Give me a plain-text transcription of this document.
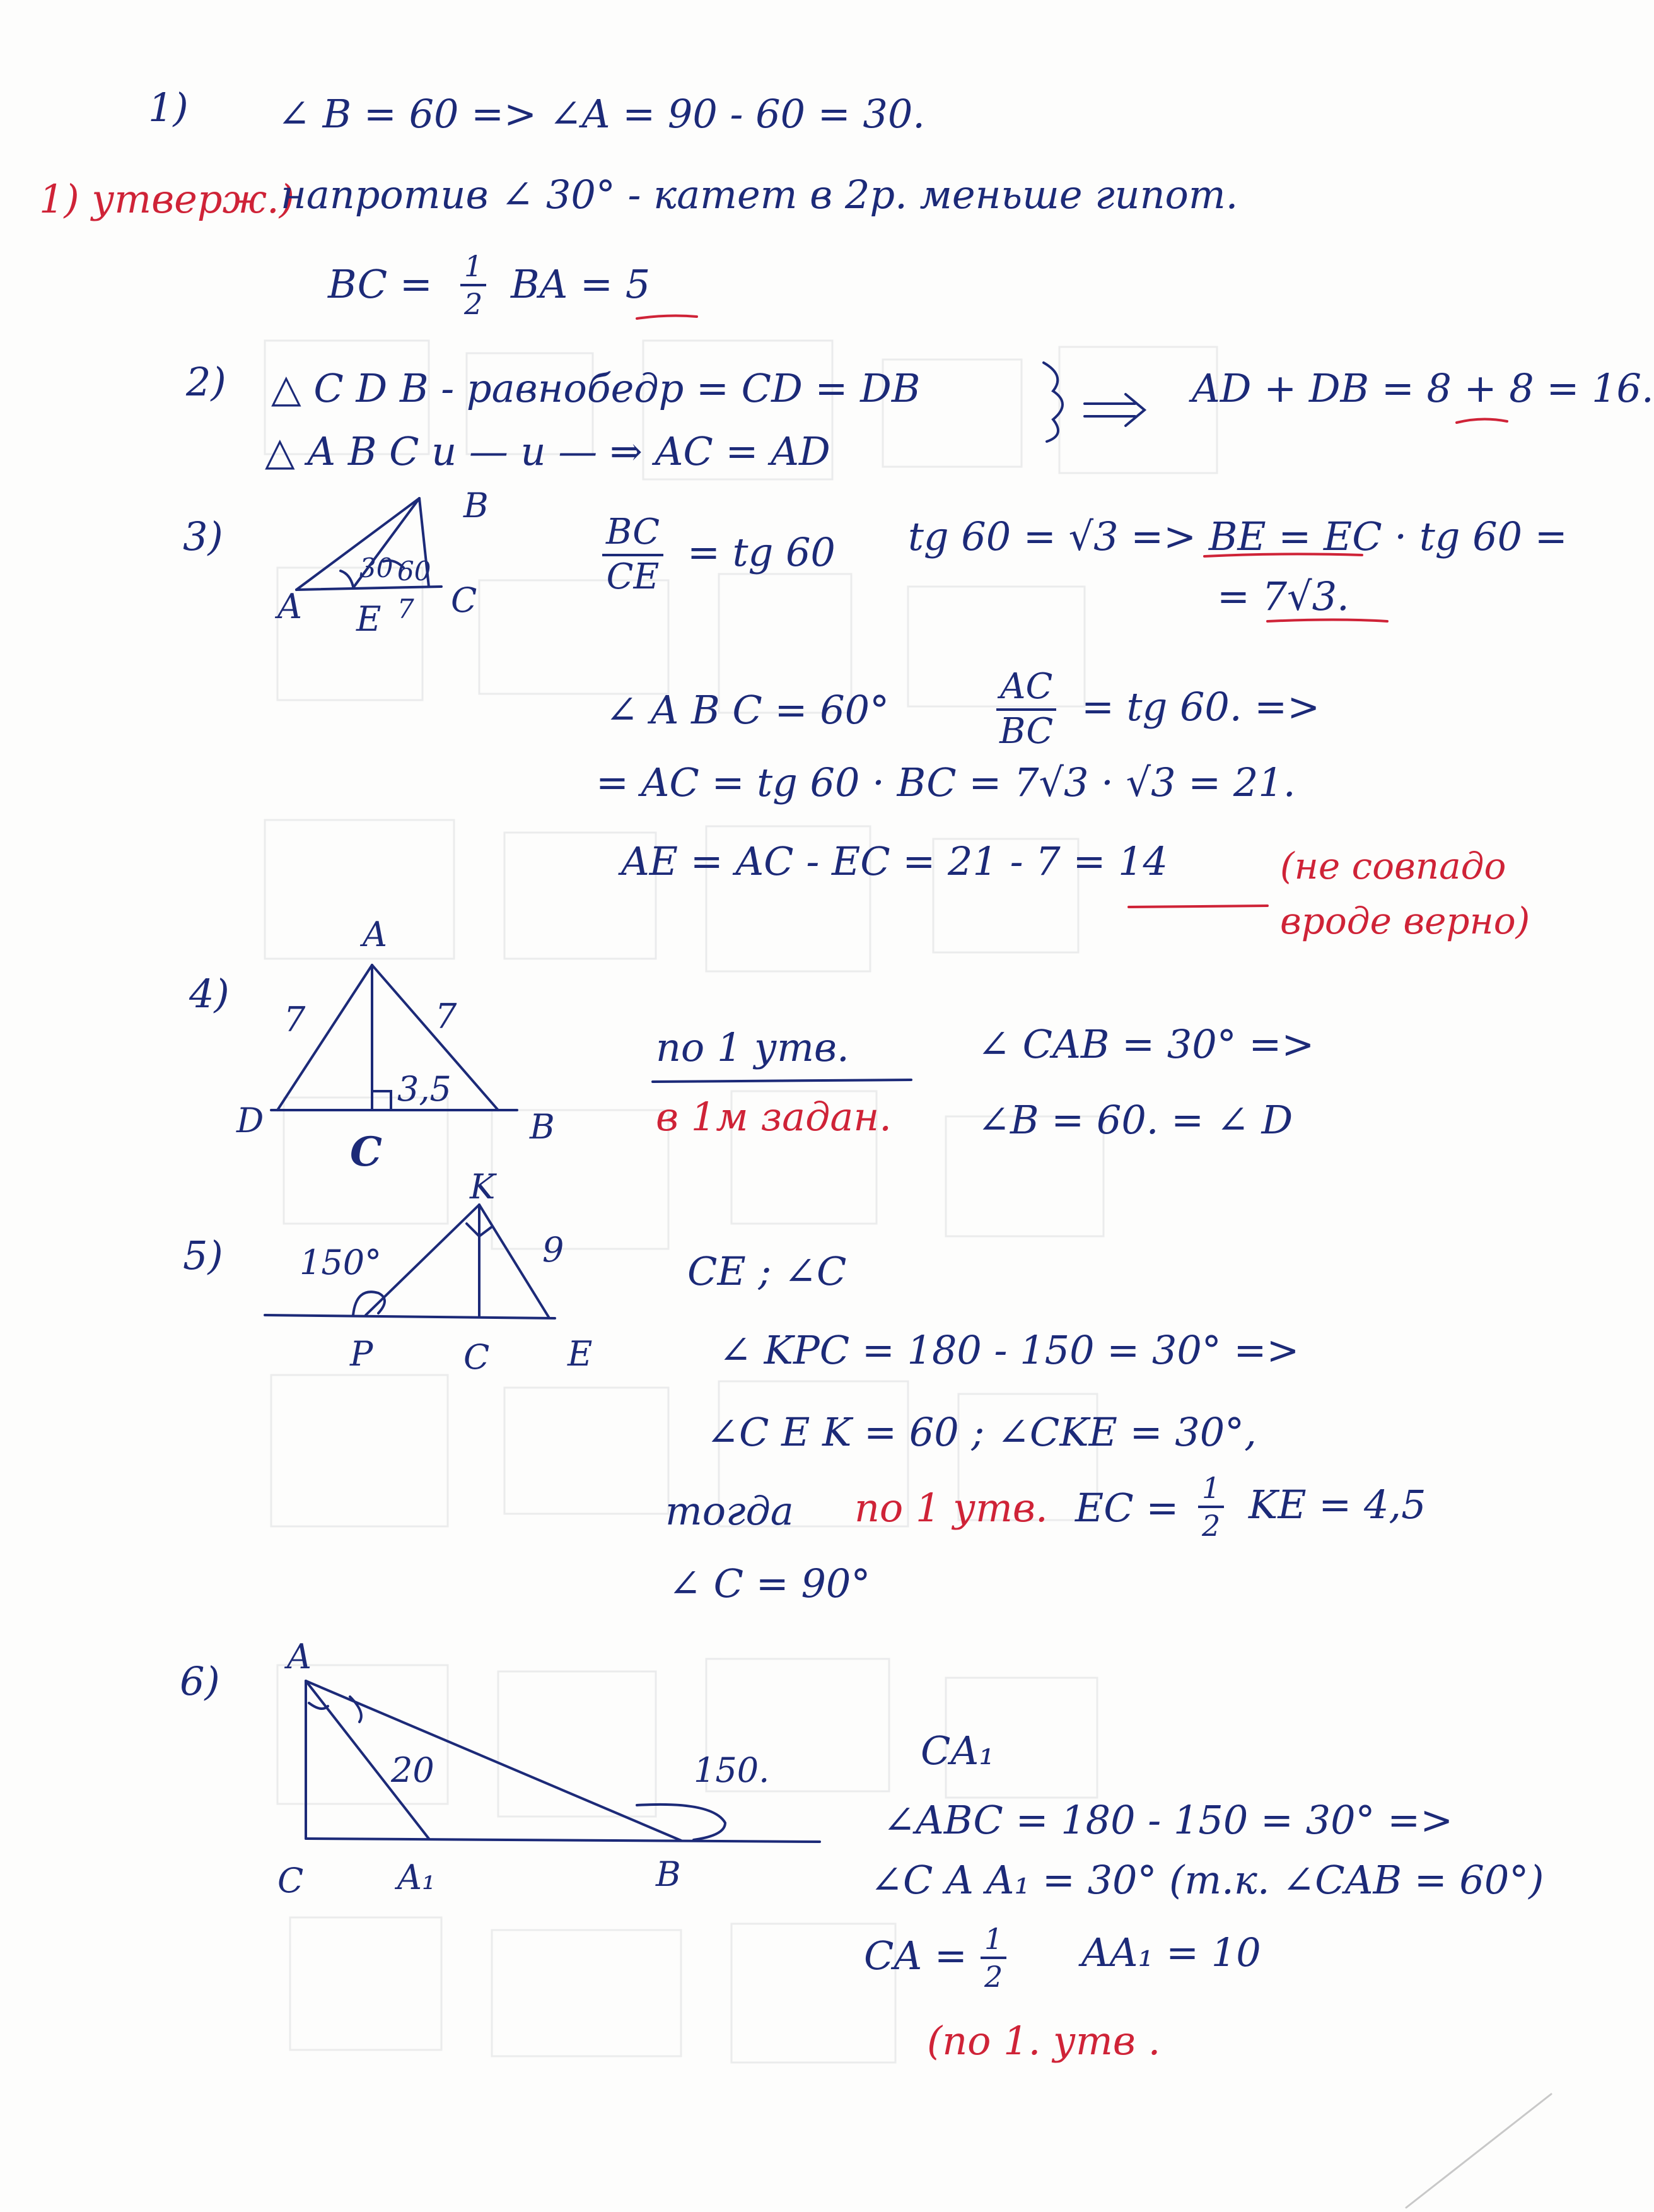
1) ∠ B = 60 => ∠A = 90 - 60 = 30.
1) утверж.)
напротив ∠ 30° - катет в 2р. меньше гипот.
BC = $\frac{1}{2}$ BA = 5
2) △ C D B - равнобедр = CD = DB	AD + DB = 8 + 8 = 16.
△ A B C и — и — ⇒ AC = AD
3)
A
B
E C
7
30 60	$\frac{BC}{CE}$ = tg 60 tg 60 = √3 => BE = EC · tg 60 =
= 7√3.
∠ A B C = 60°	$\frac{AC}{BC}$ = tg 60. =>
= AC = tg 60 · BC = 7√3 · √3 = 21.
AE = AC - EC = 21 - 7 = 14	(не совпадо вроде верно)
4)
A
D
C
B
7	7
3,5
по 1 утв.	∠ CAB = 30° =>
в 1м задан. ∠B = 60. = ∠ D
5) 150°
K
9
P	C E
CE ; ∠C
∠ KPC = 180 - 150 = 30° =>
∠C E K = 60 ; ∠CKE = 30°,
тогда по 1 утв. EC = $\frac{1}{2}$ KE = 4,5
∠ C = 90°
6)
A
C	A₁	B
20	150.	CA₁
∠ABC = 180 - 150 = 30° =>
∠C A A₁ = 30° (т.к. ∠CAB = 60°)
CA = $\frac{1}{2} AA_1 = 10$
(по 1. утв .
